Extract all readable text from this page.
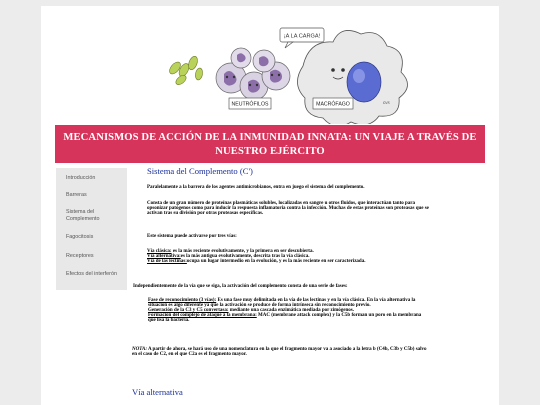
¡A LA CARGA!
NEUTRÓFILOS	MACRÓFAGO	cvs
MECANISMOS DE ACCIÓN DE LA INMUNIDAD INNATA: UN VIAJE A TRAVÉS DE
NUESTRO EJÉRCITO
Introducción
Barreras
Sistema del Complemento
Fagocitosis
Receptores
Efectos del interferón
Sistema del Complemento (C')

Paralelamente a la barrera de los agentes antimicrobianos, entra en juego el sistema del complemento.

Consta de un gran número de proteínas plasmáticas solubles, localizadas en sangre u otros fluidos, que interactúan tanto para
opsonizar patógenos como para inducir la respuesta inflamatoria contra la infección. Muchas de estas proteínas son proteasas que se
activan tras su división por otras proteasas específicas.

Este sistema puede activarse por tres vías:

Vía clásica: es la más reciente evolutivamente, y la primera en ser descubierta.
Vía alternativa:es la más antigua evolutivamente, descrita tras la vía clásica.
Vía de las lectinas:ocupa un lugar intermedio en la evolución, y es la más reciente en ser caracterizada.

Independientemente de la vía que se siga, la activación del complemento consta de una serie de fases:

Fase de reconocimiento (3 vías): Es una fase muy delimitada en la vía de las lectinas y en la vía clásica. En la vía alternativa la
situación es algo diferente ya que la activación se produce de forma intrínseca sin reconocimiento previo.
Generación de la C3 y C5 convertasa: mediante una cascada enzimática mediada por zimógenos.
Formación del complejo de ataque a la membrana: MAC (membrane attack complex) y la C5b forman un poro en la membrana
que lisa la bacteria.
NOTA: A partir de ahora, se hará uso de una nomenclatura en la que el fragmento mayor va a asociado a la letra b (C4b, C3b y C5b) salvo
en el caso de C2, en el que C2a es el fragmento mayor.
Vía alternativa
